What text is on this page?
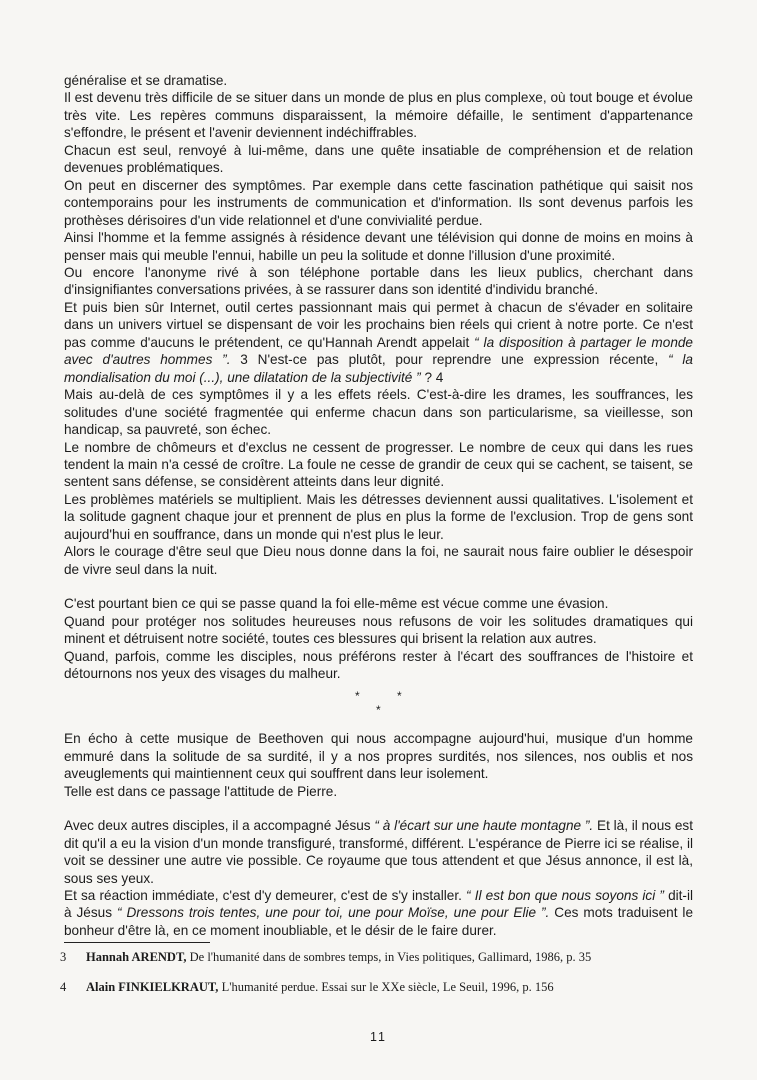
généralise et se dramatise.

Il est devenu très difficile de se situer dans un monde de plus en plus complexe, où tout bouge et évolue très vite. Les repères communs disparaissent, la mémoire défaille, le sentiment d'appartenance s'effondre, le présent et l'avenir deviennent indéchiffrables.

Chacun est seul, renvoyé à lui-même, dans une quête insatiable de compréhension et de relation devenues problématiques.

On peut en discerner des symptômes. Par exemple dans cette fascination pathétique qui saisit nos contemporains pour les instruments de communication et d'information. Ils sont devenus parfois les prothèses dérisoires d'un vide relationnel et d'une convivialité perdue.

Ainsi l'homme et la femme assignés à résidence devant une télévision qui donne de moins en moins à penser mais qui meuble l'ennui, habille un peu la solitude et donne l'illusion d'une proximité.

Ou encore l'anonyme rivé à son téléphone portable dans les lieux publics, cherchant dans d'insignifiantes conversations privées, à se rassurer dans son identité d'individu branché.

Et puis bien sûr Internet, outil certes passionnant mais qui permet à chacun de s'évader en solitaire dans un univers virtuel se dispensant de voir les prochains bien réels qui crient à notre porte. Ce n'est pas comme d'aucuns le prétendent, ce qu'Hannah Arendt appelait “ la disposition à partager le monde avec d'autres hommes ”. 3 N'est-ce pas plutôt, pour reprendre une expression récente, “ la mondialisation du moi (...), une dilatation de la subjectivité ” ? 4

Mais au-delà de ces symptômes il y a les effets réels. C'est-à-dire les drames, les souffrances, les solitudes d'une société fragmentée qui enferme chacun dans son particularisme, sa vieillesse, son handicap, sa pauvreté, son échec.

Le nombre de chômeurs et d'exclus ne cessent de progresser. Le nombre de ceux qui dans les rues tendent la main n'a cessé de croître. La foule ne cesse de grandir de ceux qui se cachent, se taisent, se sentent sans défense, se considèrent atteints dans leur dignité.

Les problèmes matériels se multiplient. Mais les détresses deviennent aussi qualitatives. L'isolement et la solitude gagnent chaque jour et prennent de plus en plus la forme de l'exclusion. Trop de gens sont aujourd'hui en souffrance, dans un monde qui n'est plus le leur.

Alors le courage d'être seul que Dieu nous donne dans la foi, ne saurait nous faire oublier le désespoir de vivre seul dans la nuit.

C'est pourtant bien ce qui se passe quand la foi elle-même est vécue comme une évasion.

Quand pour protéger nos solitudes heureuses nous refusons de voir les solitudes dramatiques qui minent et détruisent notre société, toutes ces blessures qui brisent la relation aux autres.

Quand, parfois, comme les disciples, nous préférons rester à l'écart des souffrances de l'histoire et détournons nos yeux des visages du malheur.

*	*
*

En écho à cette musique de Beethoven qui nous accompagne aujourd'hui, musique d'un homme emmuré dans la solitude de sa surdité, il y a nos propres surdités, nos silences, nos oublis et nos aveuglements qui maintiennent ceux qui souffrent dans leur isolement.

Telle est dans ce passage l'attitude de Pierre.

Avec deux autres disciples, il a accompagné Jésus “ à l'écart sur une haute montagne ”. Et là, il nous est dit qu'il a eu la vision d'un monde transfiguré, transformé, différent. L'espérance de Pierre ici se réalise, il voit se dessiner une autre vie possible. Ce royaume que tous attendent et que Jésus annonce, il est là, sous ses yeux.

Et sa réaction immédiate, c'est d'y demeurer, c'est de s'y installer. “ Il est bon que nous soyons ici ” dit-il à Jésus “ Dressons trois tentes, une pour toi, une pour Moïse, une pour Elie ”. Ces mots traduisent le bonheur d'être là, en ce moment inoubliable, et le désir de le faire durer.

3 Hannah ARENDT, De l'humanité dans de sombres temps, in Vies politiques, Gallimard, 1986, p. 35
4 Alain FINKIELKRAUT, L'humanité perdue. Essai sur le XXe siècle, Le Seuil, 1996, p. 156
11
